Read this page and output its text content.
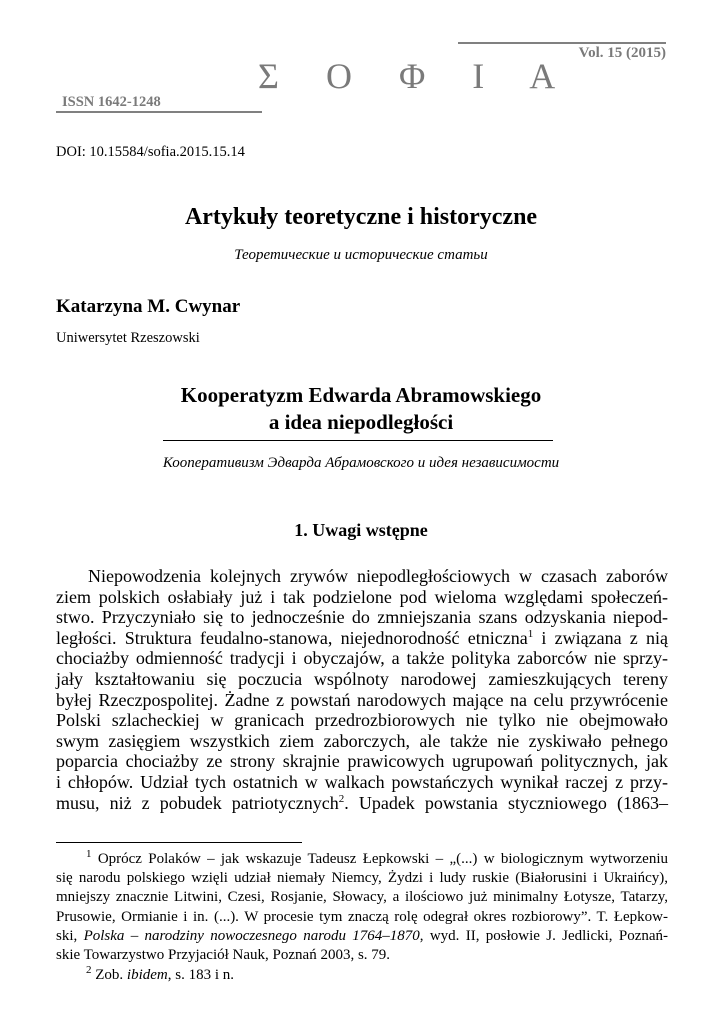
Vol. 15 (2015)
Σ Ο Φ Ι Α
ISSN 1642-1248
DOI: 10.15584/sofia.2015.15.14
Artykuły teoretyczne i historyczne
Теоретические и исторические статьи
Katarzyna M. Cwynar
Uniwersytet Rzeszowski
Kooperatyzm Edwarda Abramowskiego
a idea niepodległości
Кооперативизм Эдварда Абрамовского и идея независимости
1. Uwagi wstępne
Niepowodzenia kolejnych zrywów niepodległościowych w czasach zaborów
ziem polskich osłabiały już i tak podzielone pod wieloma względami społeczeń-
stwo. Przyczyniało się to jednocześnie do zmniejszania szans odzyskania niepod-
ległości. Struktura feudalno-stanowa, niejednorodność etniczna$^1$ i związana z nią
chociażby odmienność tradycji i obyczajów, a także polityka zaborców nie sprzy-
jały kształtowaniu się poczucia wspólnoty narodowej zamieszkujących tereny
byłej Rzeczpospolitej. Żadne z powstań narodowych mające na celu przywrócenie
Polski szlacheckiej w granicach przedrozbiorowych nie tylko nie obejmowało
swym zasięgiem wszystkich ziem zaborczych, ale także nie zyskiwało pełnego
poparcia chociażby ze strony skrajnie prawicowych ugrupowań politycznych, jak
i chłopów. Udział tych ostatnich w walkach powstańczych wynikał raczej z przy-
musu, niż z pobudek patriotycznych$^2$. Upadek powstania styczniowego (1863–
$^1$ Oprócz Polaków – jak wskazuje Tadeusz Łepkowski – „(...) w biologicznym wytworzeniu
się narodu polskiego wzięli udział niemały Niemcy, Żydzi i ludy ruskie (Białorusini i Ukraińcy),
mniejszy znacznie Litwini, Czesi, Rosjanie, Słowacy, a ilościowo już minimalny Łotysze, Tatarzy,
Prusowie, Ormianie i in. (...). W procesie tym znaczą rolę odegrał okres rozbiorowy”. T. Łepkow-
ski, Polska – narodziny nowoczesnego narodu 1764–1870, wyd. II, posłowie J. Jedlicki, Poznań-
skie Towarzystwo Przyjaciół Nauk, Poznań 2003, s. 79.
$^2$ Zob. ibidem, s. 183 i n.
